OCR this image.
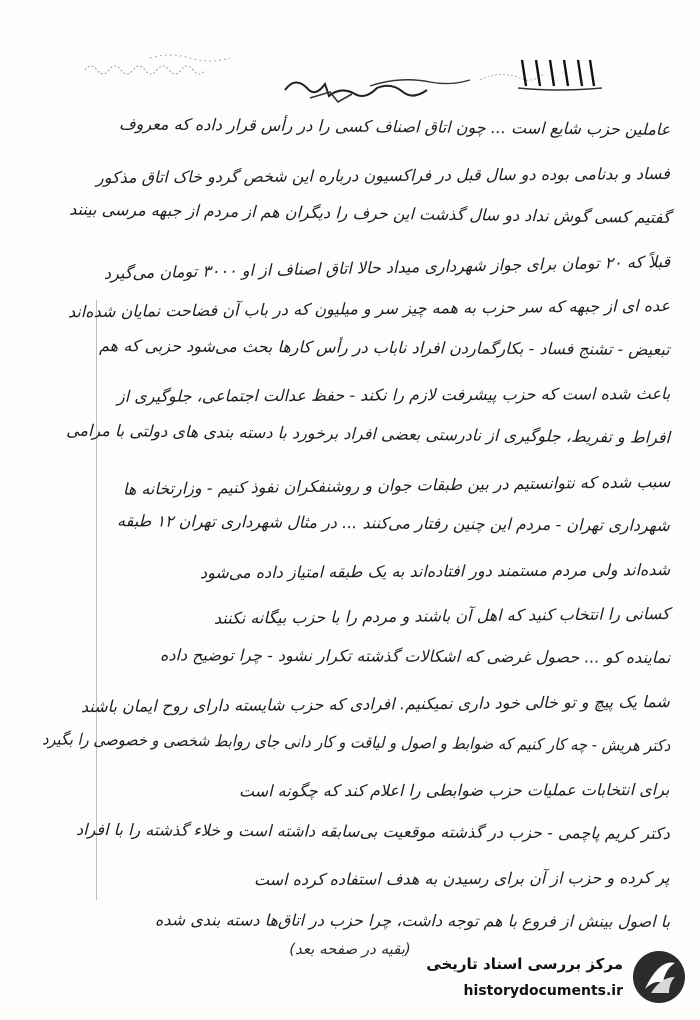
۱۱۱۱۱
عاملین حزب شایع است ... چون اتاق اصناف کسی را در رأس قرار داده که معروف
فساد و بدنامی بوده دو سال قبل در فراکسیون درباره این شخص گردو خاک اتاق مذکور
گفتیم کسی گوش نداد دو سال گذشت این حرف را دیگران هم از مردم از جبهه مرسی بینند
قبلاً که ۲۰ تومان برای جواز شهرداری میداد حالا اتاق اصناف از او ۳۰۰۰ تومان می‌گیرد
عده ای از جبهه که سر حزب به همه چیز سر و میلیون که در باب آن فضاحت نمایان شده‌اند
تبعیض - تشنج فساد - بکارگماردن افراد ناباب در رأس کارها بحث می‌شود حزبی که هم
باعث شده است که حزب پیشرفت لازم را نکند - حفظ عدالت اجتماعی، جلوگیری از
افراط و تفریط، جلوگیری از نادرستی بعضی افراد برخورد با دسته بندی های دولتی با مرامی
سبب شده که نتوانستیم در بین طبقات جوان و روشنفکران نفوذ کنیم - وزارتخانه ها
شهرداری تهران - مردم این چنین رفتار می‌کنند ... در مثال شهرداری تهران ۱۲ طبقه
شده‌اند ولی مردم مستمند دور افتاده‌اند به یک طبقه امتیاز داده می‌شود
کسانی را انتخاب کنید که اهل آن باشند و مردم را با حزب بیگانه نکنند
نماینده کو ... حصول غرضی که اشکالات گذشته تکرار نشود - چرا توضیح داده
شما یک پیچ و تو خالی خود داری نمیکنیم. افرادی که حزب شایسته دارای روح ایمان باشند
دکتر هریش - چه کار کنیم که ضوابط و اصول و لیاقت و کار دانی جای روابط شخصی و خصوصی را بگیرد
برای انتخابات عملیات حزب ضوابطی را اعلام کند که چگونه است
دکتر کریم پاچمی - حزب در گذشته موقعیت بی‌سابقه داشته است و خلاء گذشته را با افراد
پر کرده و حزب از آن برای رسیدن به هدف استفاده کرده است
با اصول بینش از فروع با هم توجه داشت، چرا حزب در اتاق‌ها دسته بندی شده
(بقیه در صفحه بعد)
مرکز بررسی اسناد تاریخی
historydocuments.ir
